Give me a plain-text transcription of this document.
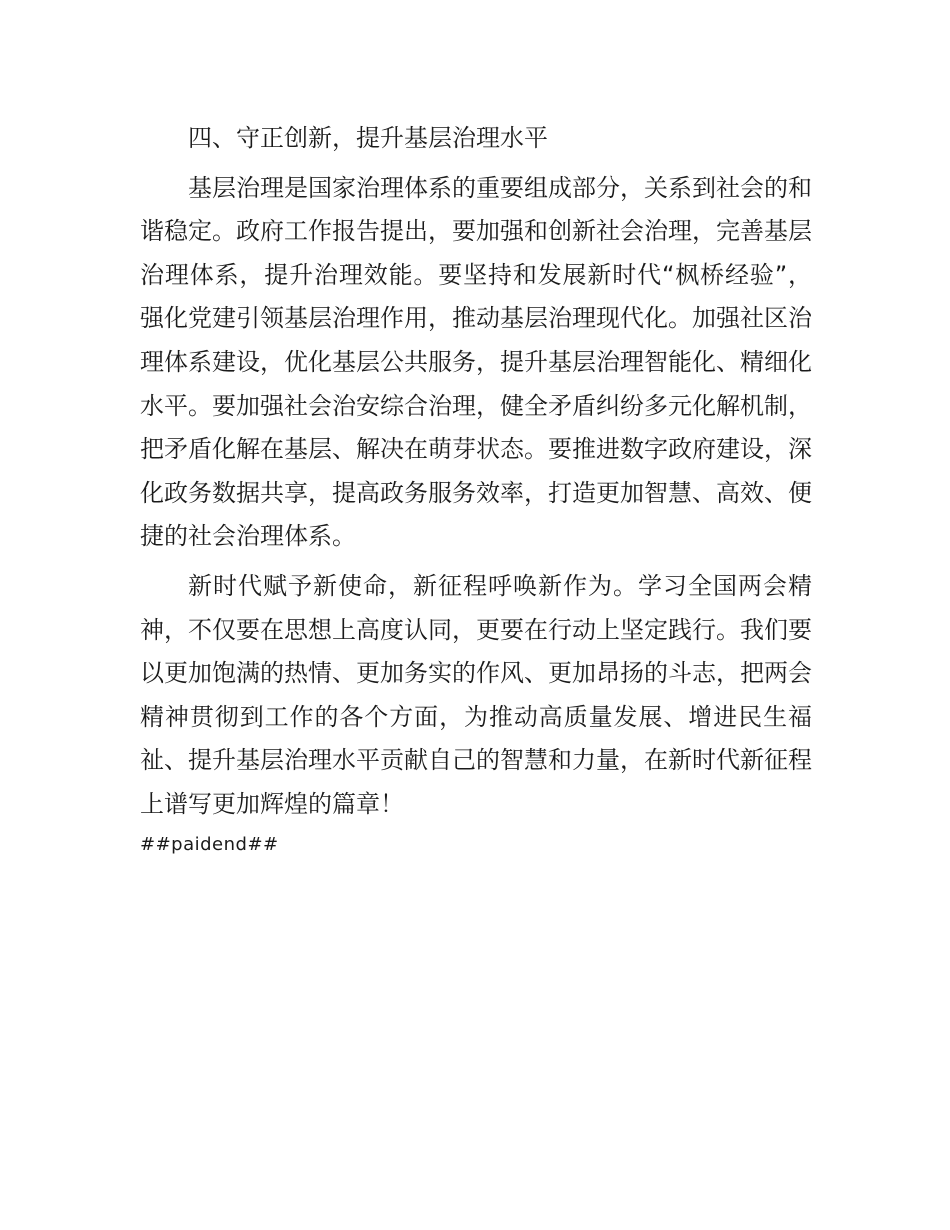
四、守正创新，提升基层治理水平

基层治理是国家治理体系的重要组成部分，关系到社会的和谐稳定。政府工作报告提出，要加强和创新社会治理，完善基层治理体系，提升治理效能。要坚持和发展新时代“枫桥经验”，强化党建引领基层治理作用，推动基层治理现代化。加强社区治理体系建设，优化基层公共服务，提升基层治理智能化、精细化水平。要加强社会治安综合治理，健全矛盾纠纷多元化解机制，把矛盾化解在基层、解决在萌芽状态。要推进数字政府建设，深化政务数据共享，提高政务服务效率，打造更加智慧、高效、便捷的社会治理体系。

新时代赋予新使命，新征程呼唤新作为。学习全国两会精神，不仅要在思想上高度认同，更要在行动上坚定践行。我们要以更加饱满的热情、更加务实的作风、更加昂扬的斗志，把两会精神贯彻到工作的各个方面，为推动高质量发展、增进民生福祉、提升基层治理水平贡献自己的智慧和力量，在新时代新征程上谱写更加辉煌的篇章！

##paidend##
